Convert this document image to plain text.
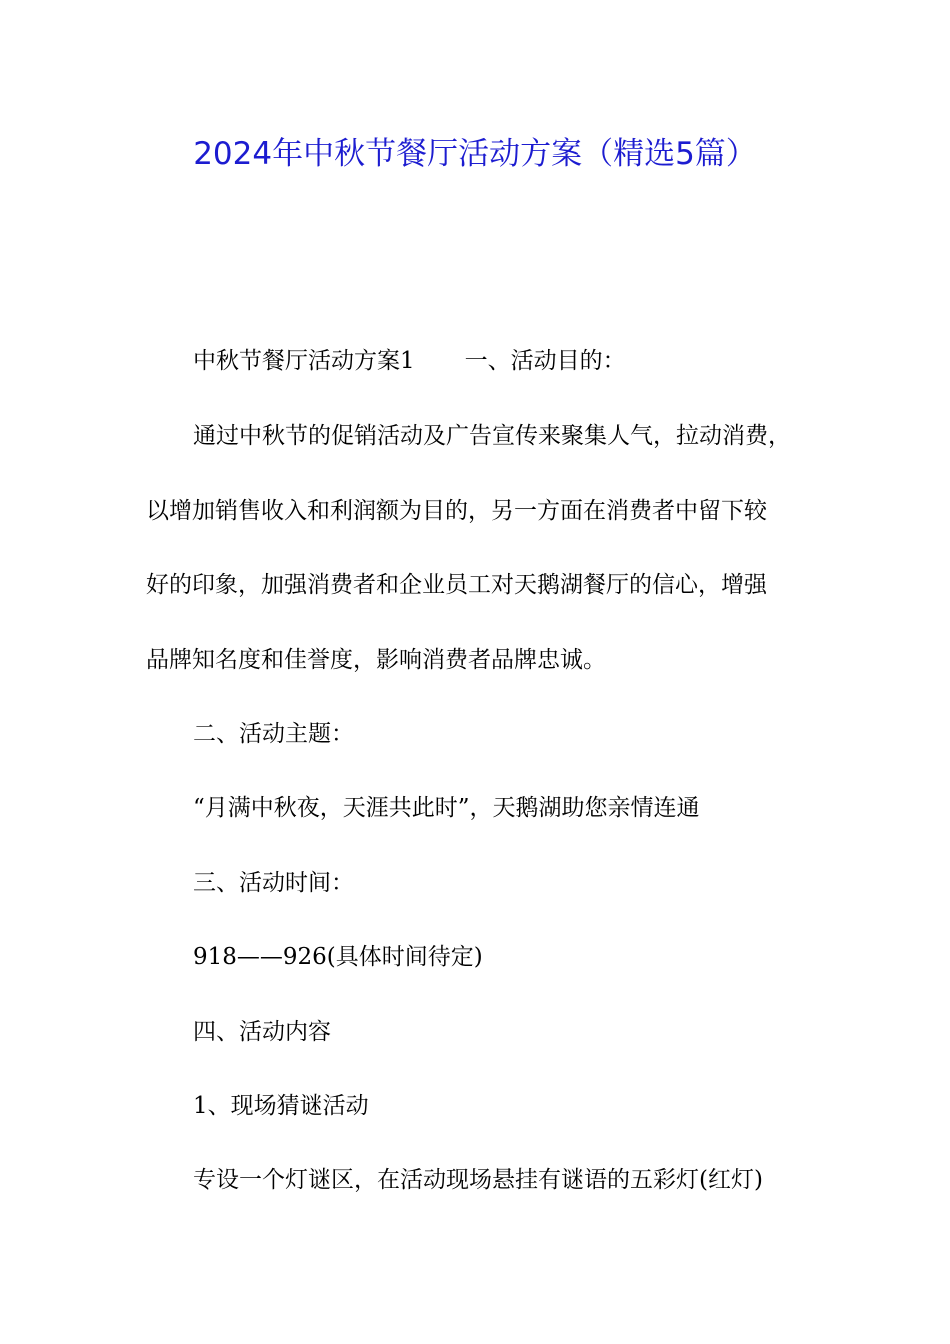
2024年中秋节餐厅活动方案（精选5篇）
中秋节餐厅活动方案1 一、活动目的：
通过中秋节的促销活动及广告宣传来聚集人气，拉动消费，
以增加销售收入和利润额为目的，另一方面在消费者中留下较
好的印象，加强消费者和企业员工对天鹅湖餐厅的信心，增强
品牌知名度和佳誉度，影响消费者品牌忠诚。
二、活动主题：
“月满中秋夜，天涯共此时”，天鹅湖助您亲情连通
三、活动时间：
918——926(具体时间待定)
四、活动内容
1、现场猜谜活动
专设一个灯谜区，在活动现场悬挂有谜语的五彩灯(红灯)
